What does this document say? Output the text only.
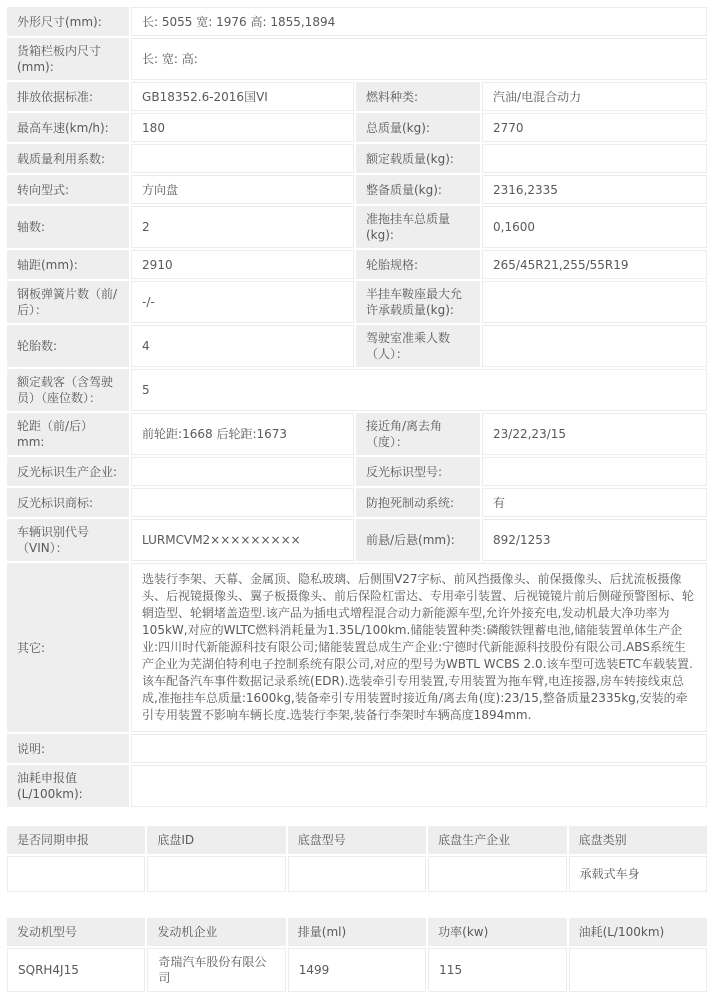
外形尺寸(mm):	长: 5055 宽: 1976 高: 1855,1894		
货箱栏板内尺寸(mm):	长: 宽: 高:		
排放依据标准:	GB18352.6-2016国VI	燃料种类:	汽油/电混合动力
最高车速(km/h):	180	总质量(kg):	2770
载质量利用系数:		额定载质量(kg):	
转向型式:	方向盘	整备质量(kg):	2316,2335
轴数:	2	准拖挂车总质量(kg):	0,1600
轴距(mm):	2910	轮胎规格:	265/45R21,255/55R19
钢板弹簧片数（前/后）：	-/-	半挂车鞍座最大允许承载质量(kg):	
轮胎数:	4	驾驶室准乘人数（人）：	
额定载客（含驾驶员）（座位数）：	5		
轮距（前/后）mm:	前轮距:1668 后轮距:1673	接近角/离去角（度）：	23/22,23/15
反光标识生产企业:		反光标识型号:	
反光标识商标:		防抱死制动系统:	有
车辆识别代号（VIN）：	LURMCVM2×××××××××	前悬/后悬(mm):	892/1253
其它:	选装行李架、天幕、金属顶、隐私玻璃、后侧围V27字标、前风挡摄像头、前保摄像头、后扰流板摄像头、后视镜摄像头、翼子板摄像头、前后保险杠雷达、专用牵引装置、后视镜镜片前后侧碰预警图标、轮辋造型、轮辋堵盖造型.该产品为插电式增程混合动力新能源车型,允许外接充电,发动机最大净功率为105kW,对应的WLTC燃料消耗量为1.35L/100km.储能装置种类:磷酸铁锂蓄电池,储能装置单体生产企业:四川时代新能源科技有限公司;储能装置总成生产企业:宁德时代新能源科技股份有限公司.ABS系统生产企业为芜湖伯特利电子控制系统有限公司,对应的型号为WBTL WCBS 2.0.该车型可选装ETC车载装置.该车配备汽车事件数据记录系统(EDR).选装牵引专用装置,专用装置为拖车臂,电连接器,房车转接线束总成,准拖挂车总质量:1600kg,装备牵引专用装置时接近角/离去角(度):23/15,整备质量2335kg,安装的牵引专用装置不影响车辆长度.选装行李架,装备行李架时车辆高度1894mm.		
说明:			
油耗申报值(L/100km):			
是否同期申报	底盘ID	底盘型号	底盘生产企业	底盘类别
				承载式车身
发动机型号	发动机企业	排量(ml)	功率(kw)	油耗(L/100km)
SQRH4J15	奇瑞汽车股份有限公司	1499	115	
